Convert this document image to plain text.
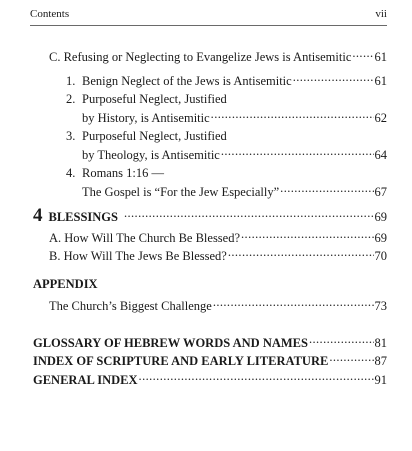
Contents	vii
C. Refusing or Neglecting to Evangelize Jews is Antisemitic ..... 61
1. Benign Neglect of the Jews is Antisemitic .....	61
2. Purposeful Neglect, Justified
by History, is Antisemitic .....	62
3. Purposeful Neglect, Justified
by Theology, is Antisemitic .....	64
4. Romans 1:16 —
The Gospel is “For the Jew Especially” .....	67
4 BLESSINGS .....	69
A. How Will The Church Be Blessed? .....	69
B. How Will The Jews Be Blessed? .....	70
APPENDIX
The Church’s Biggest Challenge .....	73
GLOSSARY OF HEBREW WORDS AND NAMES .....	81
INDEX OF SCRIPTURE AND EARLY LITERATURE .....	87
GENERAL INDEX .....	91
